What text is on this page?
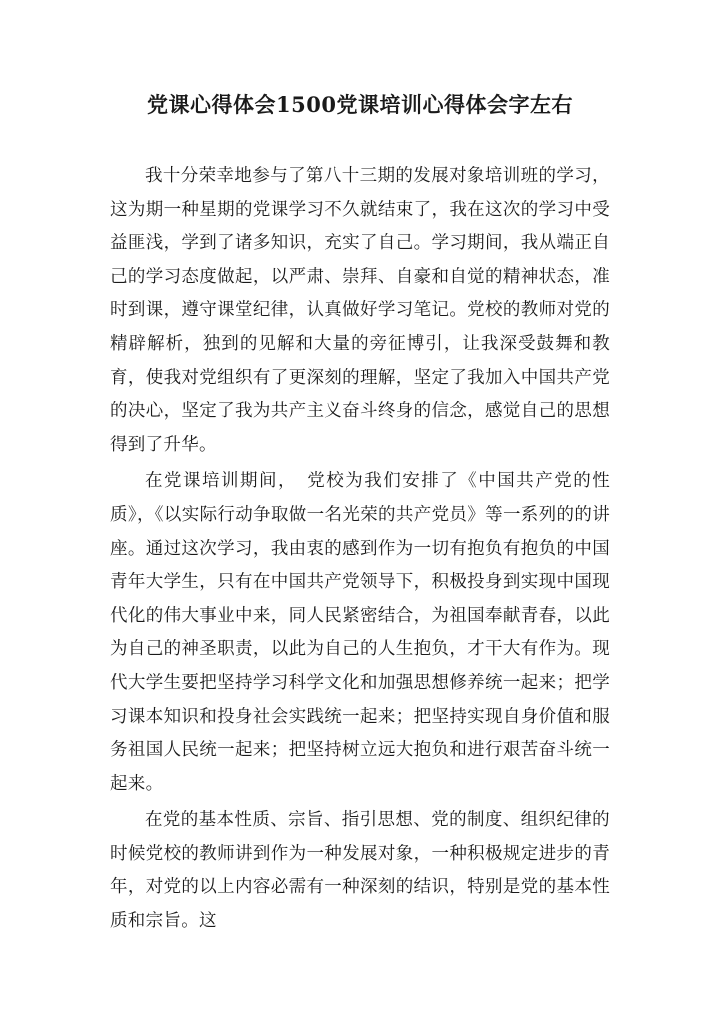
党课心得体会1500党课培训心得体会字左右

我十分荣幸地参与了第八十三期的发展对象培训班的学习，这为期一种星期的党课学习不久就结束了，我在这次的学习中受益匪浅，学到了诸多知识，充实了自己。学习期间，我从端正自己的学习态度做起，以严肃、崇拜、自豪和自觉的精神状态，准时到课，遵守课堂纪律，认真做好学习笔记。党校的教师对党的精辟解析，独到的见解和大量的旁征博引，让我深受鼓舞和教育，使我对党组织有了更深刻的理解，坚定了我加入中国共产党的决心，坚定了我为共产主义奋斗终身的信念，感觉自己的思想得到了升华。

在党课培训期间，　党校为我们安排了《中国共产党的性质》，《以实际行动争取做一名光荣的共产党员》等一系列的的讲座。通过这次学习，我由衷的感到作为一切有抱负有抱负的中国青年大学生，只有在中国共产党领导下，积极投身到实现中国现代化的伟大事业中来，同人民紧密结合，为祖国奉献青春，以此为自己的神圣职责，以此为自己的人生抱负，才干大有作为。现代大学生要把坚持学习科学文化和加强思想修养统一起来；把学习课本知识和投身社会实践统一起来；把坚持实现自身价值和服务祖国人民统一起来；把坚持树立远大抱负和进行艰苦奋斗统一起来。

在党的基本性质、宗旨、指引思想、党的制度、组织纪律的时候党校的教师讲到作为一种发展对象，一种积极规定进步的青年，对党的以上内容必需有一种深刻的结识，特别是党的基本性质和宗旨。这
